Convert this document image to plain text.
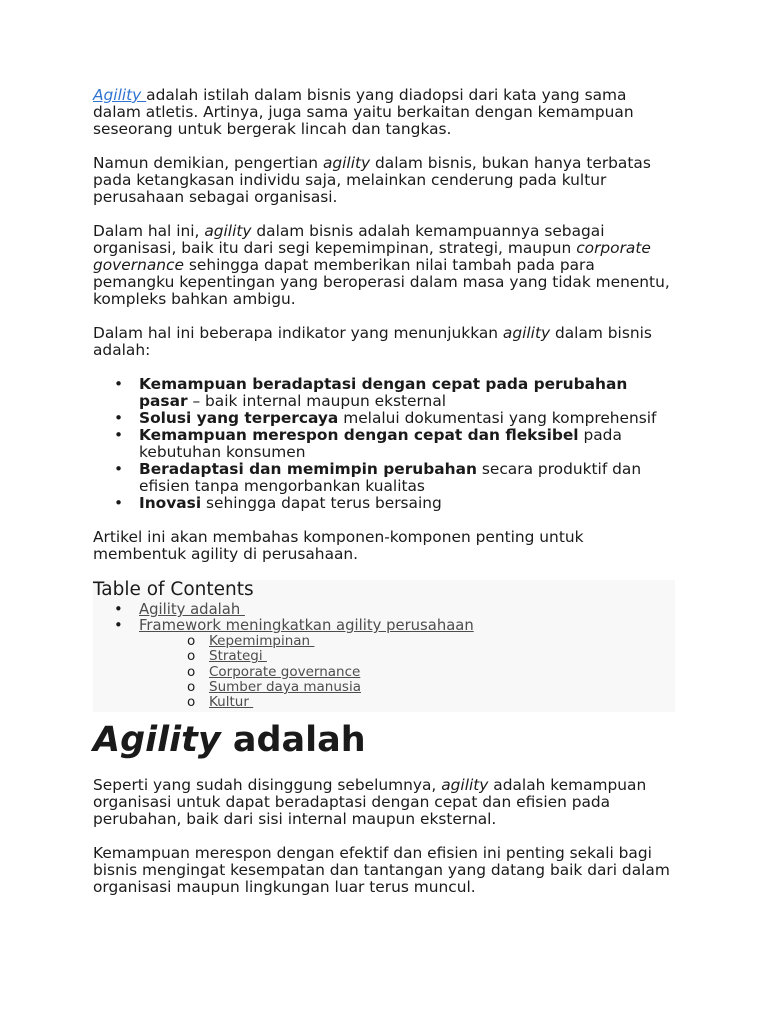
Agility adalah istilah dalam bisnis yang diadopsi dari kata yang sama
dalam atletis. Artinya, juga sama yaitu berkaitan dengan kemampuan
seseorang untuk bergerak lincah dan tangkas.
Namun demikian, pengertian agility dalam bisnis, bukan hanya terbatas
pada ketangkasan individu saja, melainkan cenderung pada kultur
perusahaan sebagai organisasi.
Dalam hal ini, agility dalam bisnis adalah kemampuannya sebagai
organisasi, baik itu dari segi kepemimpinan, strategi, maupun corporate
governance sehingga dapat memberikan nilai tambah pada para
pemangku kepentingan yang beroperasi dalam masa yang tidak menentu,
kompleks bahkan ambigu.
Dalam hal ini beberapa indikator yang menunjukkan agility dalam bisnis
adalah:
• Kemampuan beradaptasi dengan cepat pada perubahan
pasar – baik internal maupun eksternal
• Solusi yang terpercaya melalui dokumentasi yang komprehensif
• Kemampuan merespon dengan cepat dan fleksibel pada
kebutuhan konsumen
• Beradaptasi dan memimpin perubahan secara produktif dan
efisien tanpa mengorbankan kualitas
• Inovasi sehingga dapat terus bersaing
Artikel ini akan membahas komponen-komponen penting untuk
membentuk agility di perusahaan.
Table of Contents
• Agility adalah
• Framework meningkatkan agility perusahaan
o Kepemimpinan
o Strategi
o Corporate governance
o Sumber daya manusia
o Kultur
Agility adalah
Seperti yang sudah disinggung sebelumnya, agility adalah kemampuan
organisasi untuk dapat beradaptasi dengan cepat dan efisien pada
perubahan, baik dari sisi internal maupun eksternal.
Kemampuan merespon dengan efektif dan efisien ini penting sekali bagi
bisnis mengingat kesempatan dan tantangan yang datang baik dari dalam
organisasi maupun lingkungan luar terus muncul.
